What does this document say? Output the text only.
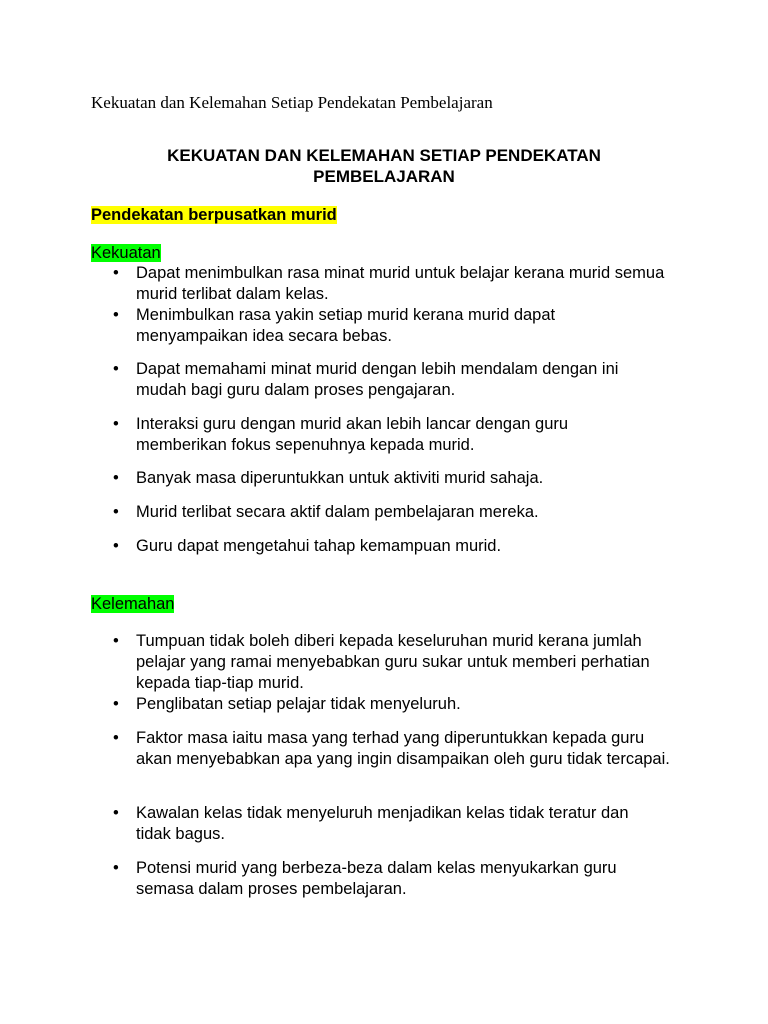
Kekuatan dan Kelemahan Setiap Pendekatan Pembelajaran
KEKUATAN DAN KELEMAHAN SETIAP PENDEKATAN
PEMBELAJARAN
Pendekatan berpusatkan murid
Kekuatan
• Dapat menimbulkan rasa minat murid untuk belajar kerana murid semua murid terlibat dalam kelas.
• Menimbulkan rasa yakin setiap murid kerana murid dapat menyampaikan idea secara bebas.
• Dapat memahami minat murid dengan lebih mendalam dengan ini mudah bagi guru dalam proses pengajaran.
• Interaksi guru dengan murid akan lebih lancar dengan guru memberikan fokus sepenuhnya kepada murid.
• Banyak masa diperuntukkan untuk aktiviti murid sahaja.
• Murid terlibat secara aktif dalam pembelajaran mereka.
• Guru dapat mengetahui tahap kemampuan murid.
Kelemahan
• Tumpuan tidak boleh diberi kepada keseluruhan murid kerana jumlah pelajar yang ramai menyebabkan guru sukar untuk memberi perhatian kepada tiap-tiap murid.
• Penglibatan setiap pelajar tidak menyeluruh.
• Faktor masa iaitu masa yang terhad yang diperuntukkan kepada guru akan menyebabkan apa yang ingin disampaikan oleh guru tidak tercapai.
• Kawalan kelas tidak menyeluruh menjadikan kelas tidak teratur dan tidak bagus.
• Potensi murid yang berbeza-beza dalam kelas menyukarkan guru semasa dalam proses pembelajaran.
